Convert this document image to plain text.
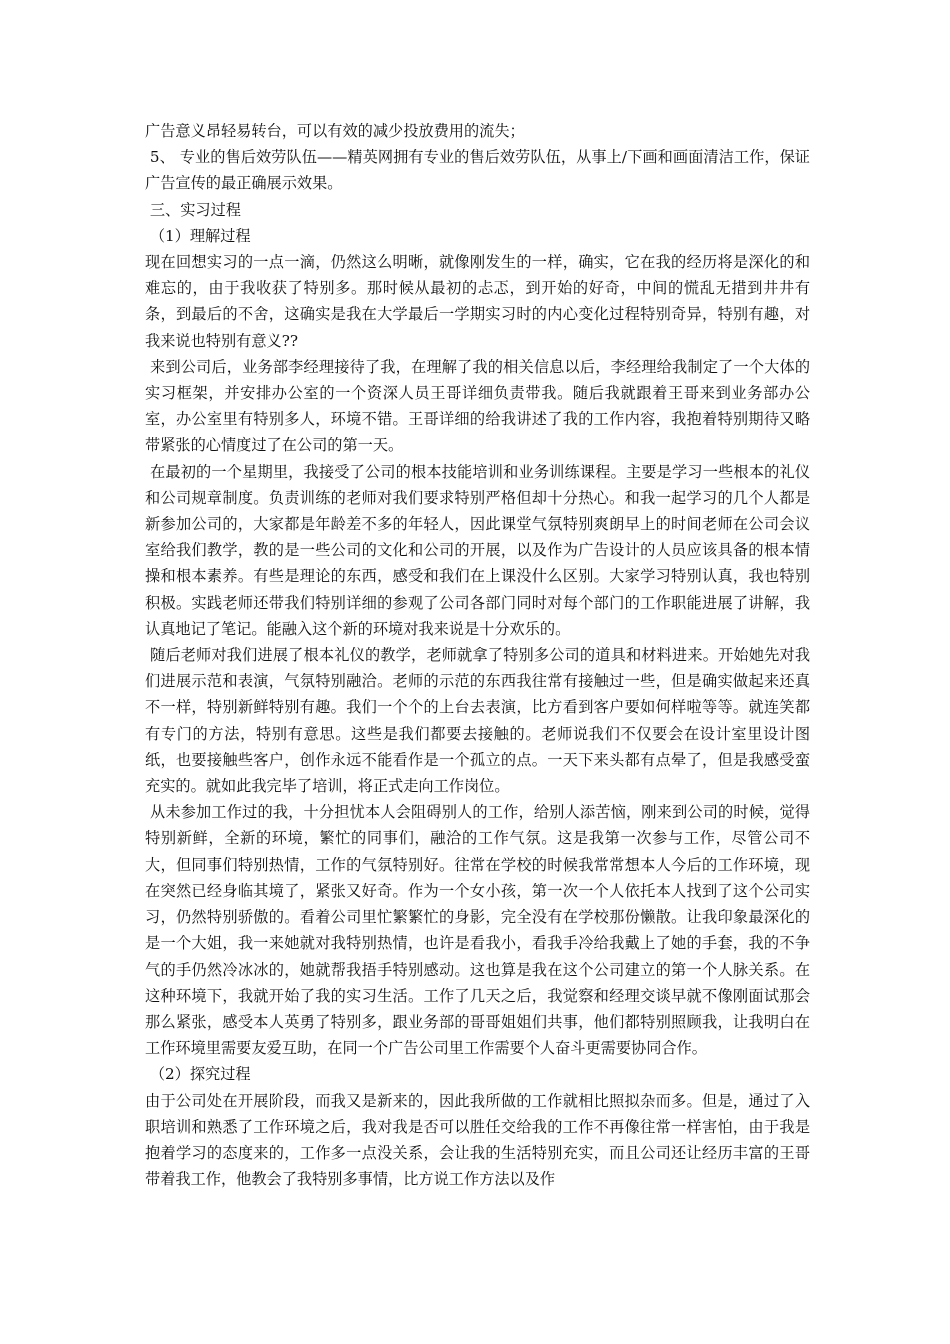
广告意义昂轻易转台，可以有效的减少投放费用的流失；

5、 专业的售后效劳队伍——精英网拥有专业的售后效劳队伍，从事上/下画和画面清洁工作，保证广告宣传的最正确展示效果。

三、实习过程

（1）理解过程

现在回想实习的一点一滴，仍然这么明晰，就像刚发生的一样，确实，它在我的经历将是深化的和难忘的，由于我收获了特别多。那时候从最初的忐忑，到开始的好奇，中间的慌乱无措到井井有条，到最后的不舍，这确实是我在大学最后一学期实习时的内心变化过程特别奇异，特别有趣，对我来说也特别有意义??

来到公司后，业务部李经理接待了我，在理解了我的相关信息以后，李经理给我制定了一个大体的实习框架，并安排办公室的一个资深人员王哥详细负责带我。随后我就跟着王哥来到业务部办公室，办公室里有特别多人，环境不错。王哥详细的给我讲述了我的工作内容，我抱着特别期待又略带紧张的心情度过了在公司的第一天。

在最初的一个星期里，我接受了公司的根本技能培训和业务训练课程。主要是学习一些根本的礼仪和公司规章制度。负责训练的老师对我们要求特别严格但却十分热心。和我一起学习的几个人都是新参加公司的，大家都是年龄差不多的年轻人，因此课堂气氛特别爽朗早上的时间老师在公司会议室给我们教学，教的是一些公司的文化和公司的开展，以及作为广告设计的人员应该具备的根本情操和根本素养。有些是理论的东西，感受和我们在上课没什么区别。大家学习特别认真，我也特别积极。实践老师还带我们特别详细的参观了公司各部门同时对每个部门的工作职能进展了讲解，我认真地记了笔记。能融入这个新的环境对我来说是十分欢乐的。

随后老师对我们进展了根本礼仪的教学，老师就拿了特别多公司的道具和材料进来。开始她先对我们进展示范和表演，气氛特别融洽。老师的示范的东西我往常有接触过一些，但是确实做起来还真不一样，特别新鲜特别有趣。我们一个个的上台去表演，比方看到客户要如何样啦等等。就连笑都有专门的方法，特别有意思。这些是我们都要去接触的。老师说我们不仅要会在设计室里设计图纸，也要接触些客户，创作永远不能看作是一个孤立的点。一天下来头都有点晕了，但是我感受蛮充实的。就如此我完毕了培训，将正式走向工作岗位。

从未参加工作过的我，十分担忧本人会阻碍别人的工作，给别人添苦恼，刚来到公司的时候，觉得特别新鲜，全新的环境，繁忙的同事们，融洽的工作气氛。这是我第一次参与工作，尽管公司不大，但同事们特别热情，工作的气氛特别好。往常在学校的时候我常常想本人今后的工作环境，现在突然已经身临其境了，紧张又好奇。作为一个女小孩，第一次一个人依托本人找到了这个公司实习，仍然特别骄傲的。看着公司里忙繁繁忙的身影，完全没有在学校那份懒散。让我印象最深化的是一个大姐，我一来她就对我特别热情，也许是看我小，看我手冷给我戴上了她的手套，我的不争气的手仍然冷冰冰的，她就帮我捂手特别感动。这也算是我在这个公司建立的第一个人脉关系。在这种环境下，我就开始了我的实习生活。工作了几天之后，我觉察和经理交谈早就不像刚面试那会那么紧张，感受本人英勇了特别多，跟业务部的哥哥姐姐们共事，他们都特别照顾我，让我明白在工作环境里需要友爱互助，在同一个广告公司里工作需要个人奋斗更需要协同合作。

（2）探究过程

由于公司处在开展阶段，而我又是新来的，因此我所做的工作就相比照拟杂而多。但是，通过了入职培训和熟悉了工作环境之后，我对我是否可以胜任交给我的工作不再像往常一样害怕，由于我是抱着学习的态度来的，工作多一点没关系，会让我的生活特别充实，而且公司还让经历丰富的王哥带着我工作，他教会了我特别多事情，比方说工作方法以及作
